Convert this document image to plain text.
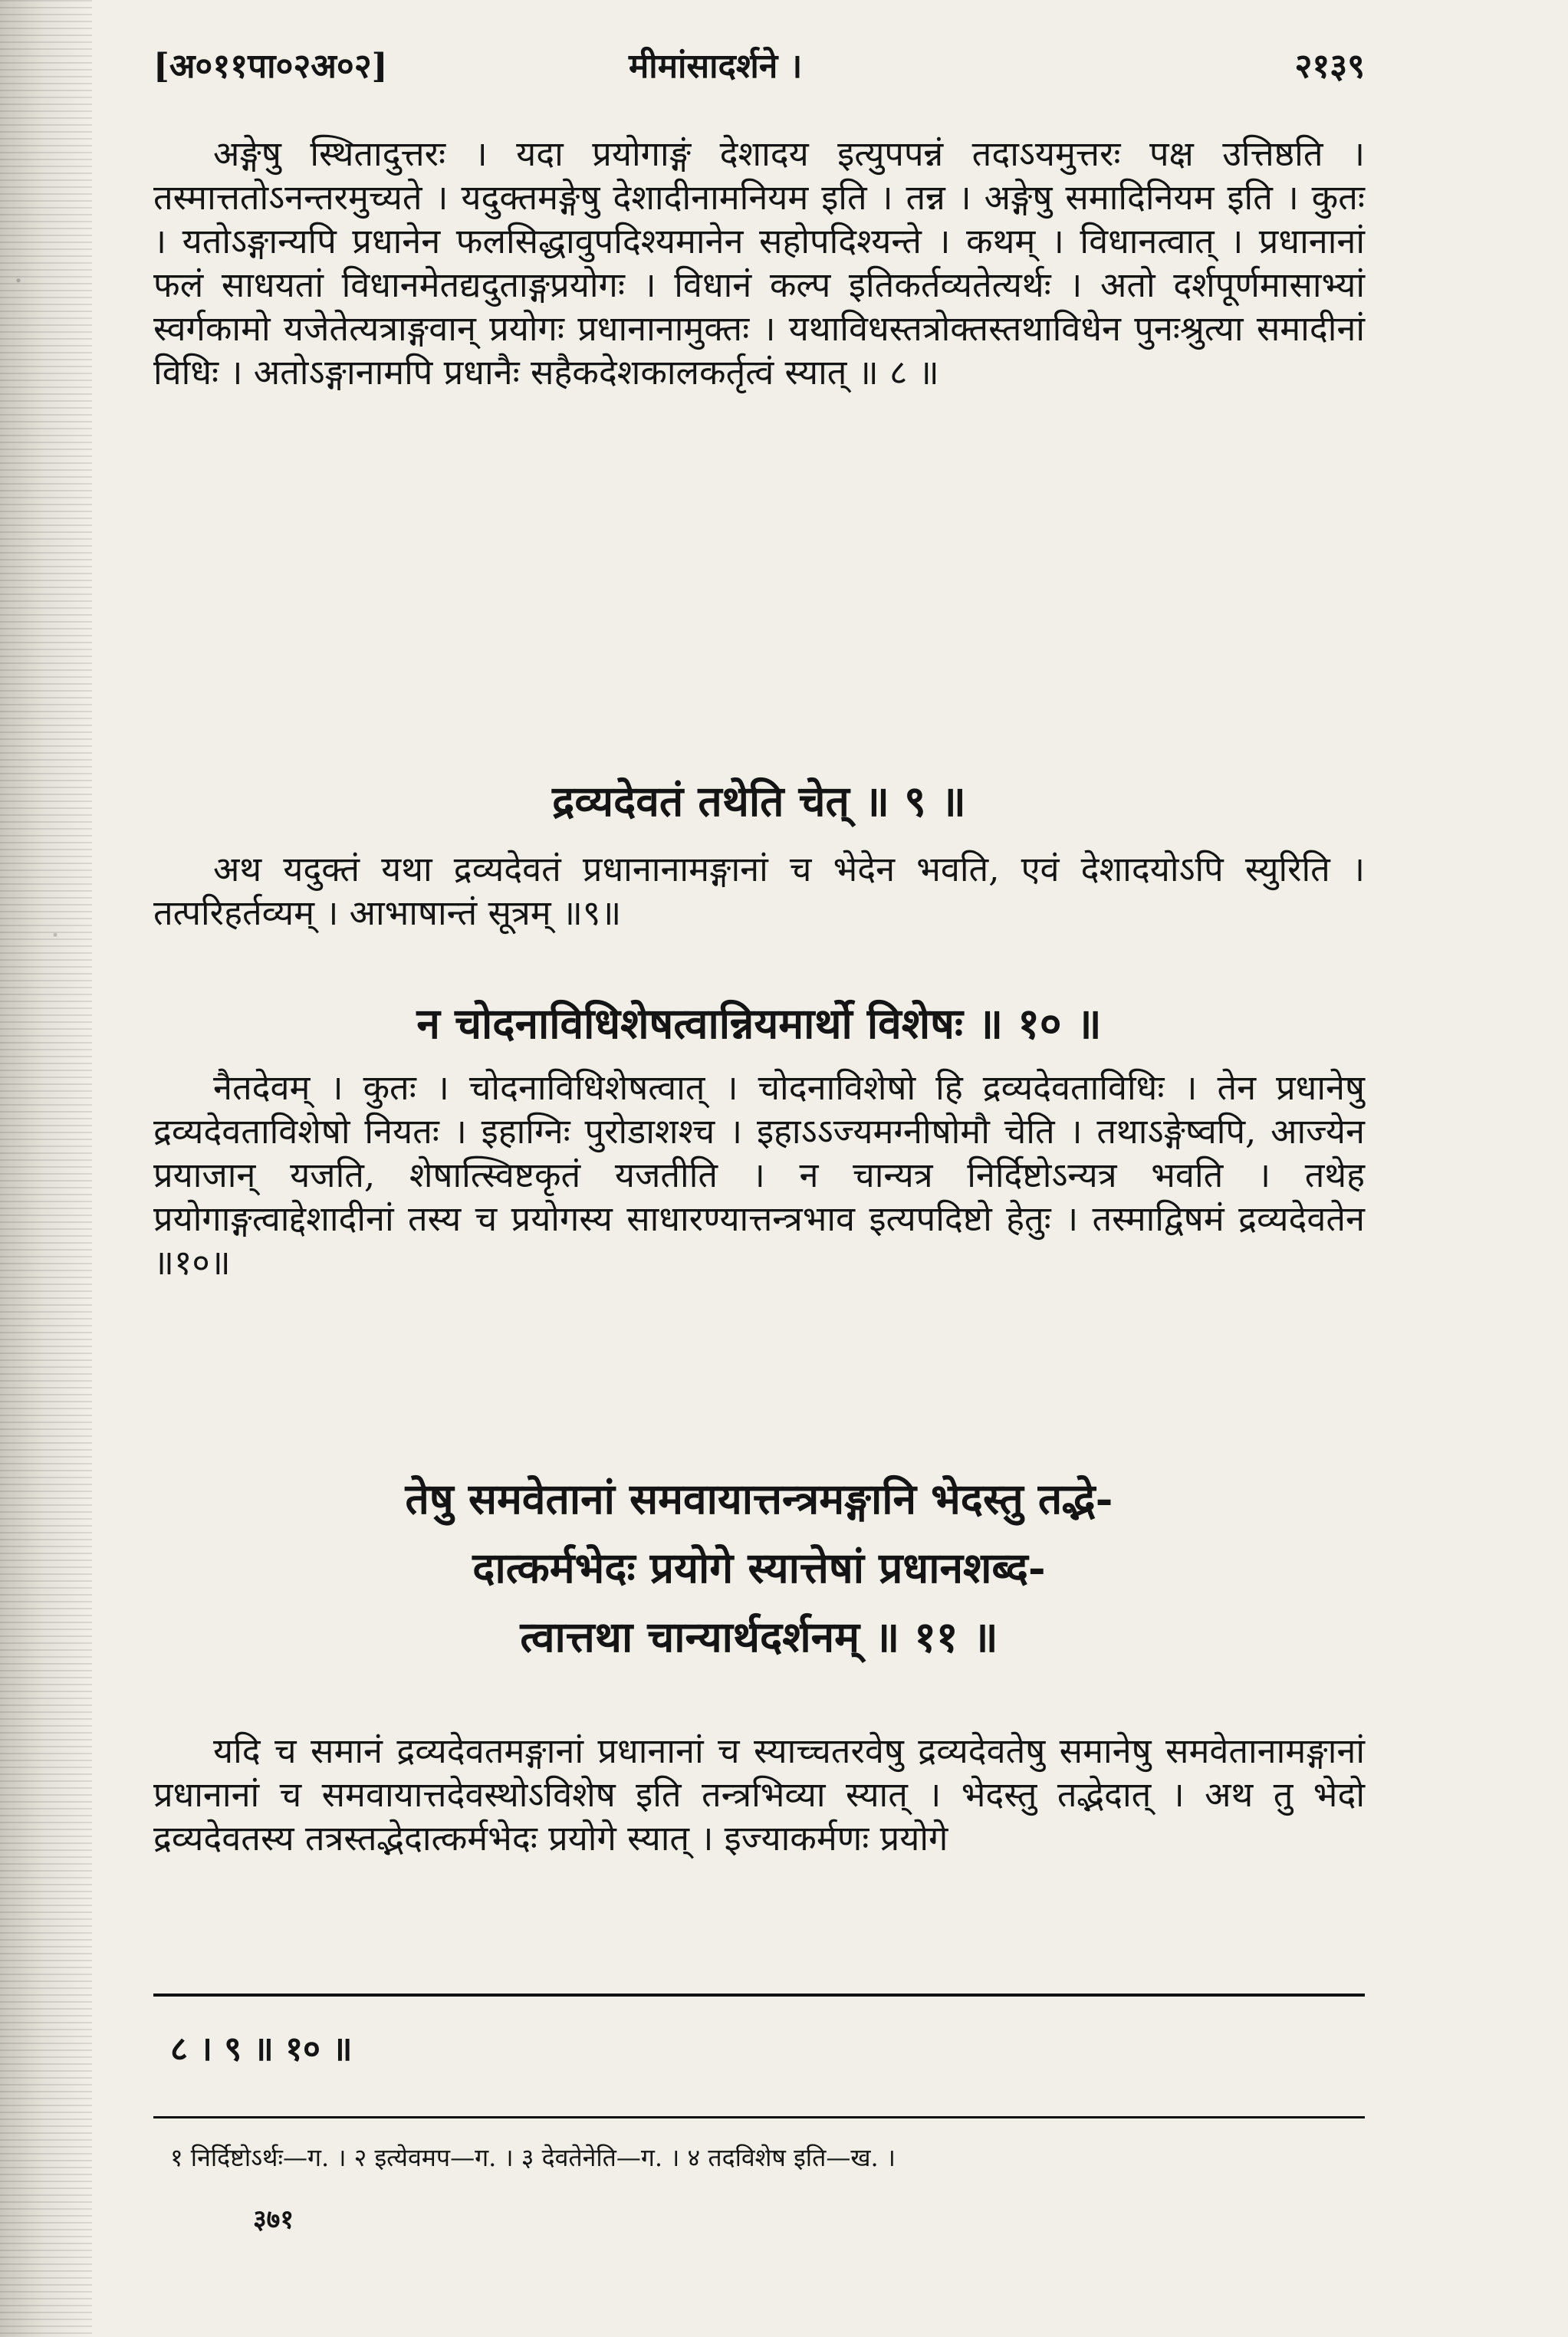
[अ०११पा०२अ०२]	मीमांसादर्शने ।	२१३९

अङ्गेषु स्थितादुत्तरः । यदा प्रयोगाङ्गं देशादय इत्युपपन्नं तदाऽयमुत्तरः पक्ष उत्तिष्ठति । तस्मात्ततोऽनन्तरमुच्यते । यदुक्तमङ्गेषु देशादीनामनियम इति । तन्न । अङ्गेषु समादिनियम इति । कुतः । यतोऽङ्गान्यपि प्रधानेन फलसिद्धावुपदिश्यमानेन सहोपदिश्यन्ते । कथम् । विधानत्वात् । प्रधानानां फलं साधयतां विधानमेतद्यदुताङ्गप्रयोगः । विधानं कल्प इतिकर्तव्यतेत्यर्थः । अतो दर्शपूर्णमासाभ्यां स्वर्गकामो यजेतेत्यत्राङ्गवान् प्रयोगः प्रधानानामुक्तः । यथाविधस्तत्रोक्तस्तथाविधेन पुनःश्रुत्या समादीनां विधिः । अतोऽङ्गानामपि प्रधानैः सहैकदेशकालकर्तृत्वं स्यात् ॥ ८ ॥

द्रव्यदेवतं तथेति चेत् ॥ ९ ॥

अथ यदुक्तं यथा द्रव्यदेवतं प्रधानानामङ्गानां च भेदेन भवति, एवं देशादयोऽपि स्युरिति । तत्परिहर्तव्यम् । आभाषान्तं सूत्रम् ॥९॥

न चोदनाविधिशेषत्वान्नियमार्थो विशेषः ॥ १० ॥

नैतदेवम् । कुतः । चोदनाविधिशेषत्वात् । चोदनाविशेषो हि द्रव्यदेवताविधिः । तेन प्रधानेषु द्रव्यदेवताविशेषो नियतः । इहाग्निः पुरोडाशश्च । इहाऽऽज्यमग्नीषोमौ चेति । तथाऽङ्गेष्वपि, आज्येन प्रयाजान् यजति, शेषात्स्विष्टकृतं यजतीति । न चान्यत्र निर्दिष्टोऽन्यत्र भवति । तथेह प्रयोगाङ्गत्वाद्देशादीनां तस्य च प्रयोगस्य साधारण्यात्तन्त्रभाव इत्यपदिष्टो हेतुः । तस्माद्विषमं द्रव्यदेवतेन ॥१०॥

तेषु समवेतानां समवायात्तन्त्रमङ्गानि भेदस्तु तद्भे-

दात्कर्मभेदः प्रयोगे स्यात्तेषां प्रधानशब्द-

त्वात्तथा चान्यार्थदर्शनम् ॥ ११ ॥

यदि च समानं द्रव्यदेवतमङ्गानां प्रधानानां च स्याच्चतरवेषु द्रव्यदेवतेषु समानेषु समवेतानामङ्गानां प्रधानानां च समवायात्तदेवस्थोऽविशेष इति तन्त्रभिव्या स्यात् । भेदस्तु तद्भेदात् । अथ तु भेदो द्रव्यदेवतस्य तत्रस्तद्भेदात्कर्मभेदः प्रयोगे स्यात् । इज्याकर्मणः प्रयोगे

८ । ९ ॥ १० ॥
१ निर्दिष्टोऽर्थः—ग. । २ इत्येवमप—ग. । ३ देवतेनेति—ग. । ४ तदविशेष इति—ख. ।
३७१
